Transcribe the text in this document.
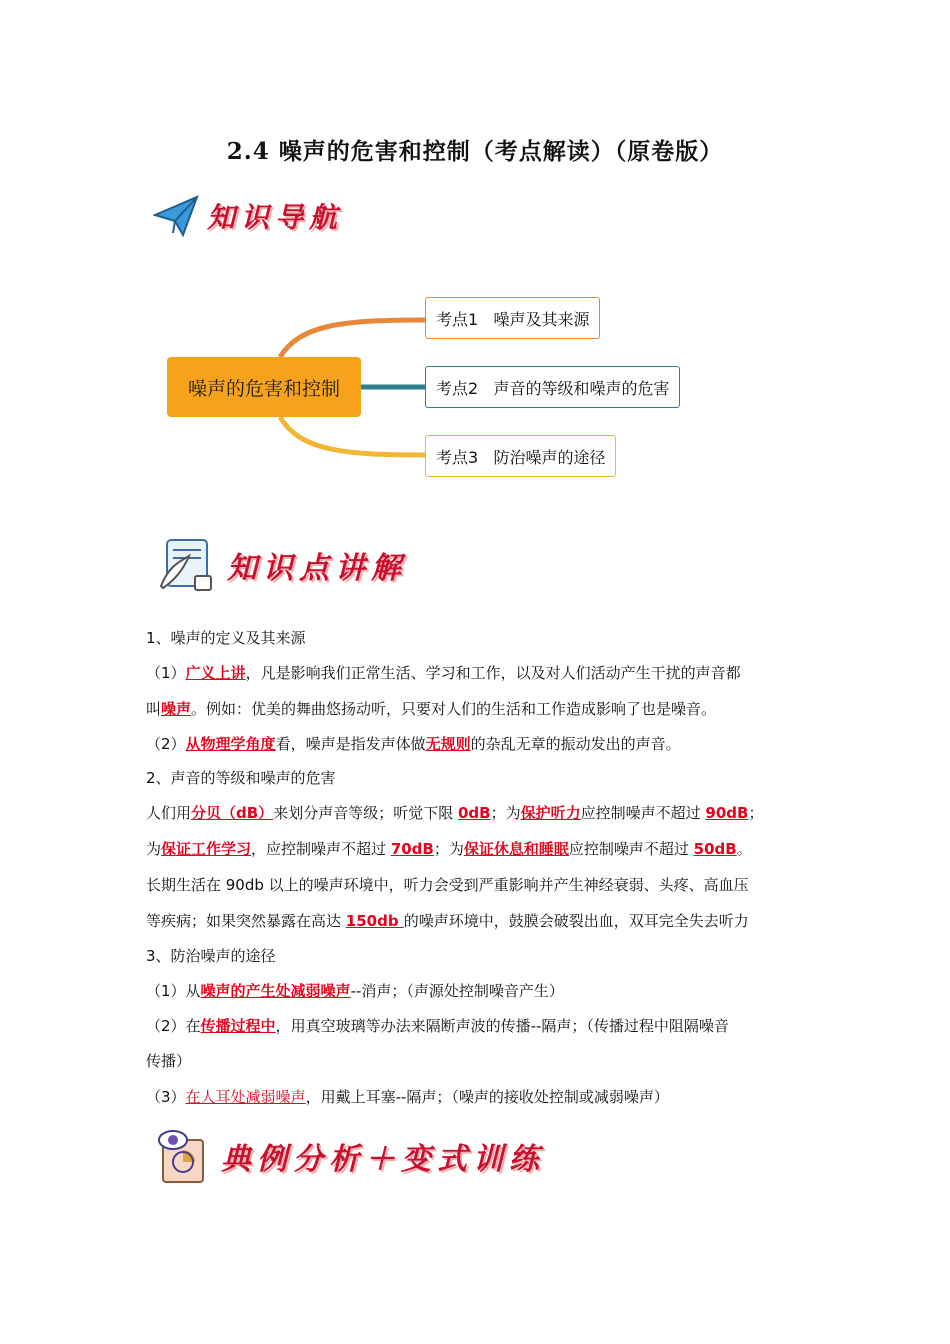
2.4 噪声的危害和控制（考点解读）（原卷版）
知识导航
噪声的危害和控制
考点1   噪声及其来源
考点2   声音的等级和噪声的危害
考点3   防治噪声的途径
知识点讲解
1、噪声的定义及其来源
（1）广义上讲，凡是影响我们正常生活、学习和工作，以及对人们活动产生干扰的声音都
叫噪声。例如：优美的舞曲悠扬动听，只要对人们的生活和工作造成影响了也是噪音。
（2）从物理学角度看，噪声是指发声体做无规则的杂乱无章的振动发出的声音。
2、声音的等级和噪声的危害
人们用分贝（dB）来划分声音等级；听觉下限 0dB；为保护听力应控制噪声不超过 90dB；
为保证工作学习，应控制噪声不超过 70dB；为保证休息和睡眠应控制噪声不超过 50dB。
长期生活在 90db 以上的噪声环境中，听力会受到严重影响并产生神经衰弱、头疼、高血压
等疾病；如果突然暴露在高达 150db 的噪声环境中，鼓膜会破裂出血，双耳完全失去听力
3、防治噪声的途径
（1）从噪声的产生处减弱噪声--消声；（声源处控制噪音产生）
（2）在传播过程中，用真空玻璃等办法来隔断声波的传播--隔声；（传播过程中阻隔噪音
传播）
（3）在人耳处减弱噪声，用戴上耳塞--隔声；（噪声的接收处控制或减弱噪声）
典例分析＋变式训练
